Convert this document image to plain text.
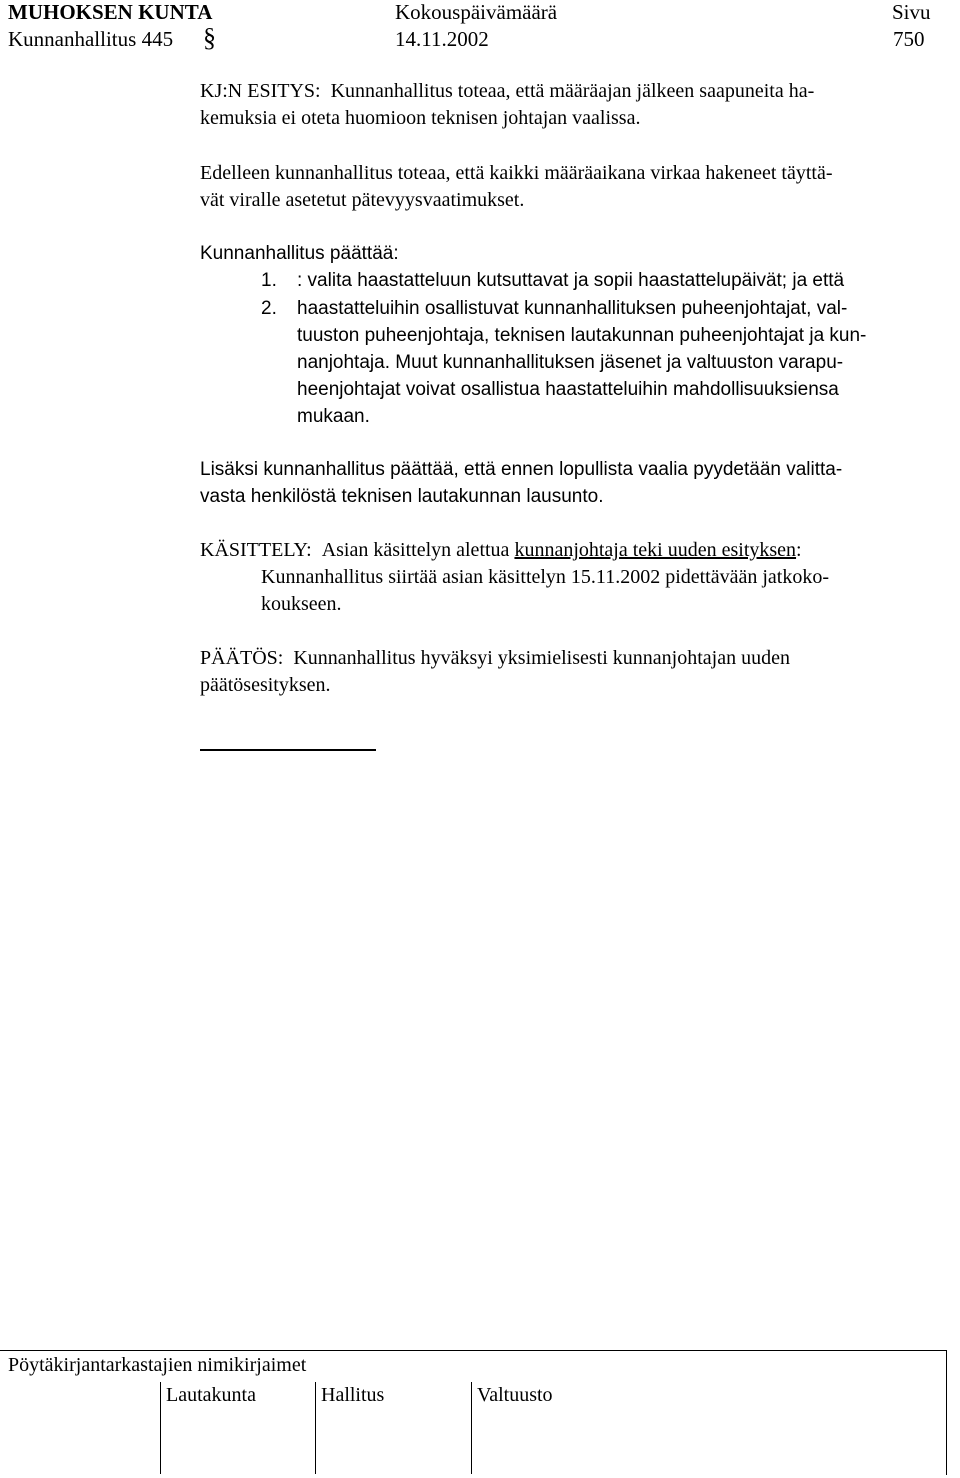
MUHOKSEN KUNTA	Kokouspäivämäärä	Sivu
Kunnanhallitus 445 §	14.11.2002	750
KJ:N ESITYS: Kunnanhallitus toteaa, että määräajan jälkeen saapuneita ha-
kemuksia ei oteta huomioon teknisen johtajan vaalissa.
Edelleen kunnanhallitus toteaa, että kaikki määräaikana virkaa hakeneet täyttä-
vät viralle asetetut pätevyysvaatimukset.
Kunnanhallitus päättää:
1. : valita haastatteluun kutsuttavat ja sopii haastattelupäivät; ja että
2. haastatteluihin osallistuvat kunnanhallituksen puheenjohtajat, val-
tuuston puheenjohtaja, teknisen lautakunnan puheenjohtajat ja kun-
nanjohtaja. Muut kunnanhallituksen jäsenet ja valtuuston varapu-
heenjohtajat voivat osallistua haastatteluihin mahdollisuuksiensa
mukaan.
Lisäksi kunnanhallitus päättää, että ennen lopullista vaalia pyydetään valitta-
vasta henkilöstä teknisen lautakunnan lausunto.
KÄSITTELY: Asian käsittelyn alettua kunnanjohtaja teki uuden esityksen:
Kunnanhallitus siirtää asian käsittelyn 15.11.2002 pidettävään jatkoko-
koukseen.
PÄÄTÖS: Kunnanhallitus hyväksyi yksimielisesti kunnanjohtajan uuden
päätösesityksen.
Pöytäkirjantarkastajien nimikirjaimet
Lautakunta	Hallitus	Valtuusto
